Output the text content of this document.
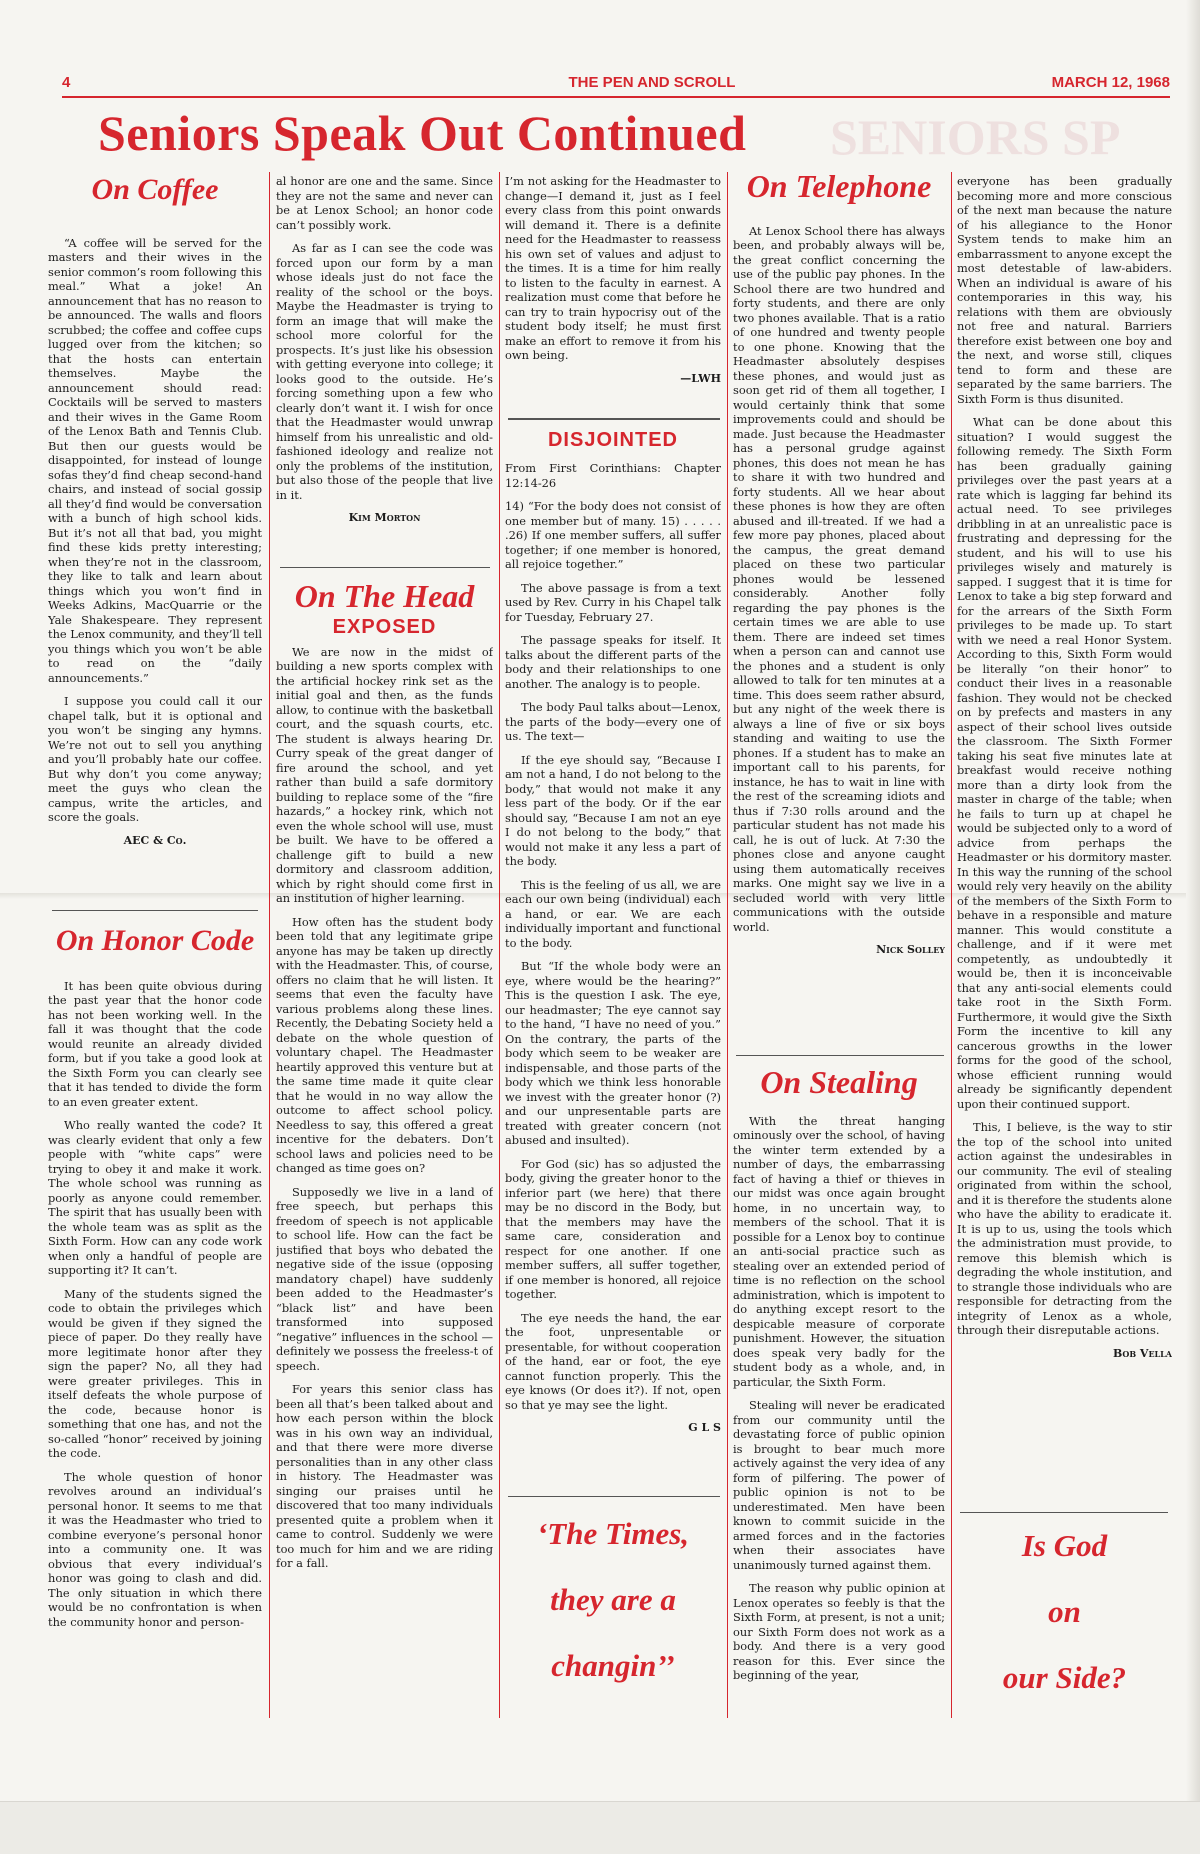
4	THE PEN AND SCROLL	MARCH 12, 1968
SENIORS SP
Seniors Speak Out Continued
On Coffee

“A coffee will be served for the masters and their wives in the senior common’s room following this meal.” What a joke! An announcement that has no reason to be announced. The walls and floors scrubbed; the coffee and coffee cups lugged over from the kitchen; so that the hosts can entertain themselves. Maybe the announcement should read: Cocktails will be served to masters and their wives in the Game Room of the Lenox Bath and Tennis Club. But then our guests would be disappointed, for instead of lounge sofas they’d find cheap second-hand chairs, and instead of social gossip all they’d find would be conversation with a bunch of high school kids. But it’s not all that bad, you might find these kids pretty interesting; when they’re not in the classroom, they like to talk and learn about things which you won’t find in Weeks Adkins, MacQuarrie or the Yale Shakespeare. They represent the Lenox community, and they’ll tell you things which you won’t be able to read on the “daily announcements.”

I suppose you could call it our chapel talk, but it is optional and you won’t be singing any hymns. We’re not out to sell you anything and you’ll probably hate our coffee. But why don’t you come anyway; meet the guys who clean the campus, write the articles, and score the goals.

AEC & Co.
On Honor Code

It has been quite obvious during the past year that the honor code has not been working well. In the fall it was thought that the code would reunite an already divided form, but if you take a good look at the Sixth Form you can clearly see that it has tended to divide the form to an even greater extent.

Who really wanted the code? It was clearly evident that only a few people with “white caps” were trying to obey it and make it work. The whole school was running as poorly as anyone could remember. The spirit that has usually been with the whole team was as split as the Sixth Form. How can any code work when only a handful of people are supporting it? It can’t.

Many of the students signed the code to obtain the privileges which would be given if they signed the piece of paper. Do they really have more legitimate honor after they sign the paper? No, all they had were greater privileges. This in itself defeats the whole purpose of the code, because honor is something that one has, and not the so-called “honor” received by joining the code.

The whole question of honor revolves around an individual’s personal honor. It seems to me that it was the Headmaster who tried to combine everyone’s personal honor into a community one. It was obvious that every individual’s honor was going to clash and did. The only situation in which there would be no confrontation is when the community honor and person-

al honor are one and the same. Since they are not the same and never can be at Lenox School; an honor code can’t possibly work.

As far as I can see the code was forced upon our form by a man whose ideals just do not face the reality of the school or the boys. Maybe the Headmaster is trying to form an image that will make the school more colorful for the prospects. It’s just like his obsession with getting everyone into college; it looks good to the outside. He’s forcing something upon a few who clearly don’t want it. I wish for once that the Headmaster would unwrap himself from his unrealistic and old-fashioned ideology and realize not only the problems of the institution, but also those of the people that live in it.

Kim Morton
On The Head
EXPOSED

We are now in the midst of building a new sports complex with the artificial hockey rink set as the initial goal and then, as the funds allow, to continue with the basketball court, and the squash courts, etc. The student is always hearing Dr. Curry speak of the great danger of fire around the school, and yet rather than build a safe dormitory building to replace some of the “fire hazards,” a hockey rink, which not even the whole school will use, must be built. We have to be offered a challenge gift to build a new dormitory and classroom addition, which by right should come first in an institution of higher learning.

How often has the student body been told that any legitimate gripe anyone has may be taken up directly with the Headmaster. This, of course, offers no claim that he will listen. It seems that even the faculty have various problems along these lines. Recently, the Debating Society held a debate on the whole question of voluntary chapel. The Headmaster heartily approved this venture but at the same time made it quite clear that he would in no way allow the outcome to affect school policy. Needless to say, this offered a great incentive for the debaters. Don’t school laws and policies need to be changed as time goes on?

Supposedly we live in a land of free speech, but perhaps this freedom of speech is not applicable to school life. How can the fact be justified that boys who debated the negative side of the issue (opposing mandatory chapel) have suddenly been added to the Headmaster’s “black list” and have been transformed into supposed “negative” influences in the school —definitely we possess the freeless-t of speech.

For years this senior class has been all that’s been talked about and how each person within the block was in his own way an individual, and that there were more diverse personalities than in any other class in history. The Headmaster was singing our praises until he discovered that too many individuals presented quite a problem when it came to control. Suddenly we were too much for him and we are riding for a fall.

I’m not asking for the Headmaster to change—I demand it, just as I feel every class from this point onwards will demand it. There is a definite need for the Headmaster to reassess his own set of values and adjust to the times. It is a time for him really to listen to the faculty in earnest. A realization must come that before he can try to train hypocrisy out of the student body itself; he must first make an effort to remove it from his own being.

—LWH
DISJOINTED

From First Corinthians: Chapter 12:14-26

14) “For the body does not consist of one member but of many. 15) . . . . . .26) If one member suffers, all suffer together; if one member is honored, all rejoice together.”

The above passage is from a text used by Rev. Curry in his Chapel talk for Tuesday, February 27.

The passage speaks for itself. It talks about the different parts of the body and their relationships to one another. The analogy is to people.

The body Paul talks about—Lenox, the parts of the body—every one of us. The text—

If the eye should say, “Because I am not a hand, I do not belong to the body,” that would not make it any less part of the body. Or if the ear should say, “Because I am not an eye I do not belong to the body,” that would not make it any less a part of the body.

This is the feeling of us all, we are each our own being (individual) each a hand, or ear. We are each individually important and functional to the body.

But “If the whole body were an eye, where would be the hearing?” This is the question I ask. The eye, our headmaster; The eye cannot say to the hand, “I have no need of you.” On the contrary, the parts of the body which seem to be weaker are indispensable, and those parts of the body which we think less honorable we invest with the greater honor (?) and our unpresentable parts are treated with greater concern (not abused and insulted).

For God (sic) has so adjusted the body, giving the greater honor to the inferior part (we here) that there may be no discord in the Body, but that the members may have the same care, consideration and respect for one another. If one member suffers, all suffer together, if one member is honored, all rejoice together.

The eye needs the hand, the ear the foot, unpresentable or presentable, for without cooperation of the hand, ear or foot, the eye cannot function properly. This the eye knows (Or does it?). If not, open so that ye may see the light.

G L S
‘The Times,
they are a
changin’’
On Telephone

At Lenox School there has always been, and probably always will be, the great conflict concerning the use of the public pay phones. In the School there are two hundred and forty students, and there are only two phones available. That is a ratio of one hundred and twenty people to one phone. Knowing that the Headmaster absolutely despises these phones, and would just as soon get rid of them all together, I would certainly think that some improvements could and should be made. Just because the Headmaster has a personal grudge against phones, this does not mean he has to share it with two hundred and forty students. All we hear about these phones is how they are often abused and ill-treated. If we had a few more pay phones, placed about the campus, the great demand placed on these two particular phones would be lessened considerably. Another folly regarding the pay phones is the certain times we are able to use them. There are indeed set times when a person can and cannot use the phones and a student is only allowed to talk for ten minutes at a time. This does seem rather absurd, but any night of the week there is always a line of five or six boys standing and waiting to use the phones. If a student has to make an important call to his parents, for instance, he has to wait in line with the rest of the screaming idiots and thus if 7:30 rolls around and the particular student has not made his call, he is out of luck. At 7:30 the phones close and anyone caught using them automatically receives marks. One might say we live in a secluded world with very little communications with the outside world.

Nick Solley
On Stealing

With the threat hanging ominously over the school, of having the winter term extended by a number of days, the embarrassing fact of having a thief or thieves in our midst was once again brought home, in no uncertain way, to members of the school. That it is possible for a Lenox boy to continue an anti-social practice such as stealing over an extended period of time is no reflection on the school administration, which is impotent to do anything except resort to the despicable measure of corporate punishment. However, the situation does speak very badly for the student body as a whole, and, in particular, the Sixth Form.

Stealing will never be eradicated from our community until the devastating force of public opinion is brought to bear much more actively against the very idea of any form of pilfering. The power of public opinion is not to be underestimated. Men have been known to commit suicide in the armed forces and in the factories when their associates have unanimously turned against them.

The reason why public opinion at Lenox operates so feebly is that the Sixth Form, at present, is not a unit; our Sixth Form does not work as a body. And there is a very good reason for this. Ever since the beginning of the year,

everyone has been gradually becoming more and more conscious of the next man because the nature of his allegiance to the Honor System tends to make him an embarrassment to anyone except the most detestable of law-abiders. When an individual is aware of his contemporaries in this way, his relations with them are obviously not free and natural. Barriers therefore exist between one boy and the next, and worse still, cliques tend to form and these are separated by the same barriers. The Sixth Form is thus disunited.

What can be done about this situation? I would suggest the following remedy. The Sixth Form has been gradually gaining privileges over the past years at a rate which is lagging far behind its actual need. To see privileges dribbling in at an unrealistic pace is frustrating and depressing for the student, and his will to use his privileges wisely and maturely is sapped. I suggest that it is time for Lenox to take a big step forward and for the arrears of the Sixth Form privileges to be made up. To start with we need a real Honor System. According to this, Sixth Form would be literally “on their honor” to conduct their lives in a reasonable fashion. They would not be checked on by prefects and masters in any aspect of their school lives outside the classroom. The Sixth Former taking his seat five minutes late at breakfast would receive nothing more than a dirty look from the master in charge of the table; when he fails to turn up at chapel he would be subjected only to a word of advice from perhaps the Headmaster or his dormitory master. In this way the running of the school would rely very heavily on the ability of the members of the Sixth Form to behave in a responsible and mature manner. This would constitute a challenge, and if it were met competently, as undoubtedly it would be, then it is inconceivable that any anti-social elements could take root in the Sixth Form. Furthermore, it would give the Sixth Form the incentive to kill any cancerous growths in the lower forms for the good of the school, whose efficient running would already be significantly dependent upon their continued support.

This, I believe, is the way to stir the top of the school into united action against the undesirables in our community. The evil of stealing originated from within the school, and it is therefore the students alone who have the ability to eradicate it. It is up to us, using the tools which the administration must provide, to remove this blemish which is degrading the whole institution, and to strangle those individuals who are responsible for detracting from the integrity of Lenox as a whole, through their disreputable actions.

Bob Vella
Is God
on
our Side?
